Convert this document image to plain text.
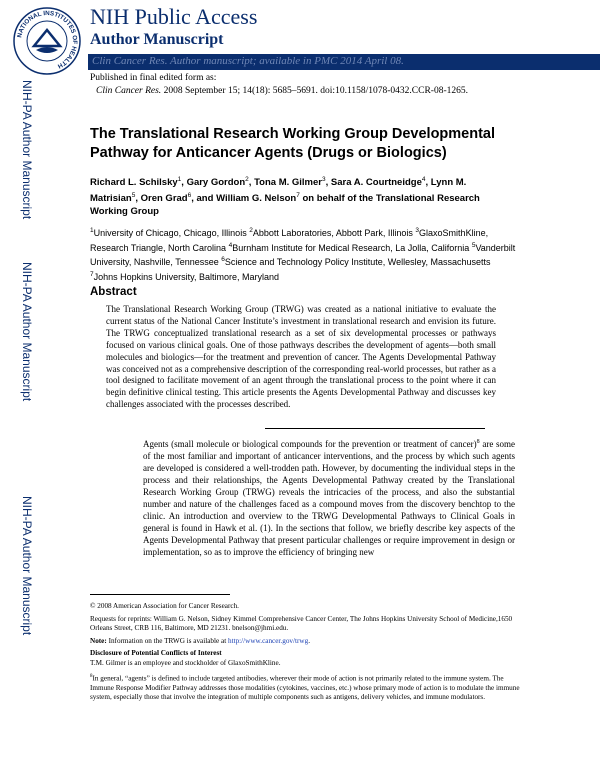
NATIONAL INSTITUTES OF HEALTH
NIH Public Access
Author Manuscript
Clin Cancer Res. Author manuscript; available in PMC 2014 April 08.
Published in final edited form as:
Clin Cancer Res. 2008 September 15; 14(18): 5685–5691. doi:10.1158/1078-0432.CCR-08-1265.
NIH-PA Author Manuscript
NIH-PA Author Manuscript
NIH-PA Author Manuscript
The Translational Research Working Group Developmental Pathway for Anticancer Agents (Drugs or Biologics)
Richard L. Schilsky$^1$, Gary Gordon$^2$, Tona M. Gilmer$^3$, Sara A. Courtneidge$^4$, Lynn M. Matrisian$^5$, Oren Grad$^6$, and William G. Nelson$^7$ on behalf of the Translational Research Working Group
$^1$University of Chicago, Chicago, Illinois $^2$Abbott Laboratories, Abbott Park, Illinois $^3$GlaxoSmithKline, Research Triangle, North Carolina $^4$Burnham Institute for Medical Research, La Jolla, California $^5$Vanderbilt University, Nashville, Tennessee $^6$Science and Technology Policy Institute, Wellesley, Massachusetts $^7$Johns Hopkins University, Baltimore, Maryland
Abstract
The Translational Research Working Group (TRWG) was created as a national initiative to evaluate the current status of the National Cancer Institute’s investment in translational research and envision its future. The TRWG conceptualized translational research as a set of six developmental processes or pathways focused on various clinical goals. One of those pathways describes the development of agents—both small molecules and biologics—for the treatment and prevention of cancer. The Agents Developmental Pathway was conceived not as a comprehensive description of the corresponding real-world processes, but rather as a tool designed to facilitate movement of an agent through the translational process to the point where it can begin definitive clinical testing. This article presents the Agents Developmental Pathway and discusses key challenges associated with the processes described.
Agents (small molecule or biological compounds for the prevention or treatment of cancer)$^8$ are some of the most familiar and important of anticancer interventions, and the process by which such agents are developed is considered a well-trodden path. However, by documenting the individual steps in the process and their relationships, the Agents Developmental Pathway created by the Translational Research Working Group (TRWG) reveals the intricacies of the process, and also the substantial number and nature of the challenges faced as a compound moves from the discovery benchtop to the clinic. An introduction and overview to the TRWG Developmental Pathways to Clinical Goals in general is found in Hawk et al. (1). In the sections that follow, we briefly describe key aspects of the Agents Developmental Pathway that present particular challenges or require improvement in design or implementation, so as to improve the efficiency of bringing new

© 2008 American Association for Cancer Research.

Requests for reprints: William G. Nelson, Sidney Kimmel Comprehensive Cancer Center, The Johns Hopkins University School of Medicine,1650 Orleans Street, CRB 116, Baltimore, MD 21231. bnelson@jhmi.edu.

Note: Information on the TRWG is available at http://www.cancer.gov/trwg.

Disclosure of Potential Conflicts of Interest

T.M. Gilmer is an employee and stockholder of GlaxoSmithKline.

$^8$In general, “agents” is defined to include targeted antibodies, wherever their mode of action is not primarily related to the immune system. The Immune Response Modifier Pathway addresses those modalities (cytokines, vaccines, etc.) whose primary mode of action is to modulate the immune system, especially those that involve the integration of multiple components such as antigens, delivery vehicles, and immune modulators.
